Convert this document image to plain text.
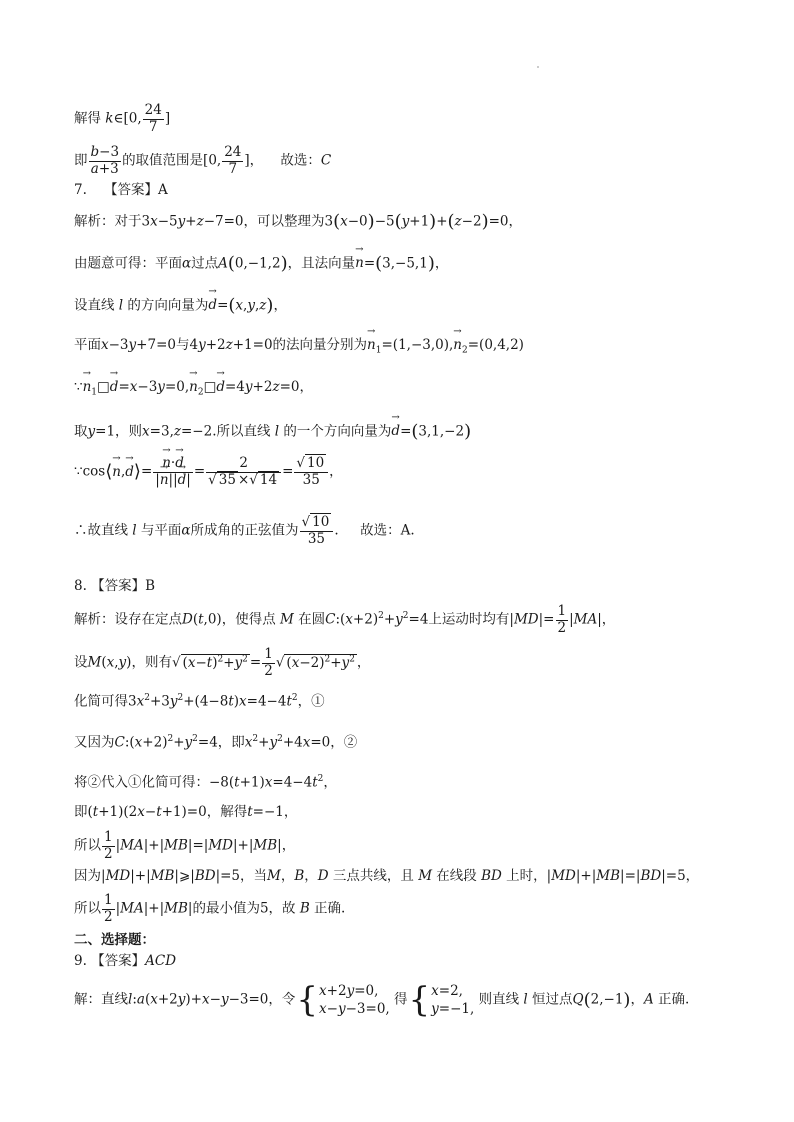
解得 k∈[0, $\frac{24}{7}$ ]
即 $\frac{b-3}{a+3}$ 的取值范围是[0, $\frac{24}{7}$ ]，    故选：C
7.    【答案】A
解析：对于3x−5y+z−7=0，可以整理为3(x−0)−5(y+1)+(z−2)=0，
由题意可得：平面α过点A(0,−1,2)，且法向量→ n=(3,−5,1)，
设直线 l 的方向向量为→ d=(x,y,z)，
平面x−3y+7=0与4y+2z+1=0的法向量分别为→ $n_1=(1,-3,0),\to n_2=(0,4,2)$
∵→ $n_1□\to d=x-3y=0,\to$ $n_2□\to d=4y+2z=0$，
取y=1，则x=3,z=−2.所以直线 l 的一个方向向量为→ d=(3,1,−2)
∵cos⟨→ n,→ d⟩=
→ $\frac{n\cdot\to d}{|\to n||\to d|} = \frac{2}{√ 35 \times√ 14} = \frac{√ 10}{35}$ ，
∴故直线 l 与平面α所成角的正弦值为 $\frac{√ 10}{35}$ .     故选：A.
8. 【答案】B
解析：设存在定点D(t,0)，使得点 M 在圆$C:(x+2)^2+y^2=4$上运动时均有$|MD|= \frac{1}{2} |MA|$，
设M(x,y)，则有√ $(x-t)^2+y^2 = \frac{1}{2}$ √ $(x-2)^2+y^2$ ，
化简可得$3x^2+3y^2+(4-8t)x=4-4t^2$，①
又因为$C:(x+2)^2+y^2=4$，即$x^2+y^2+4x=0$，②
将②代入①化简可得：$-8(t+1)x=4-4t^2$，
即(t+1)(2x−t+1)=0，解得t=−1，
所以 $\frac{1}{2} |MA|+|MB|=|MD|+|MB|$，
因为|MD|+|MB|⩾|BD|=5，当M，B，D 三点共线，且 M 在线段 BD 上时，|MD|+|MB|=|BD|=5，
所以 $\frac{1}{2} |MA|+|MB|$的最小值为5，故 B 正确.
二、选择题：
9. 【答案】ACD
解：直线l:a(x+2y)+x−y−3=0，令{x+2y=0,
x−y−3=0, 得{x=2,
y=−1, 则直线 l 恒过点Q(2,−1)，A 正确.
